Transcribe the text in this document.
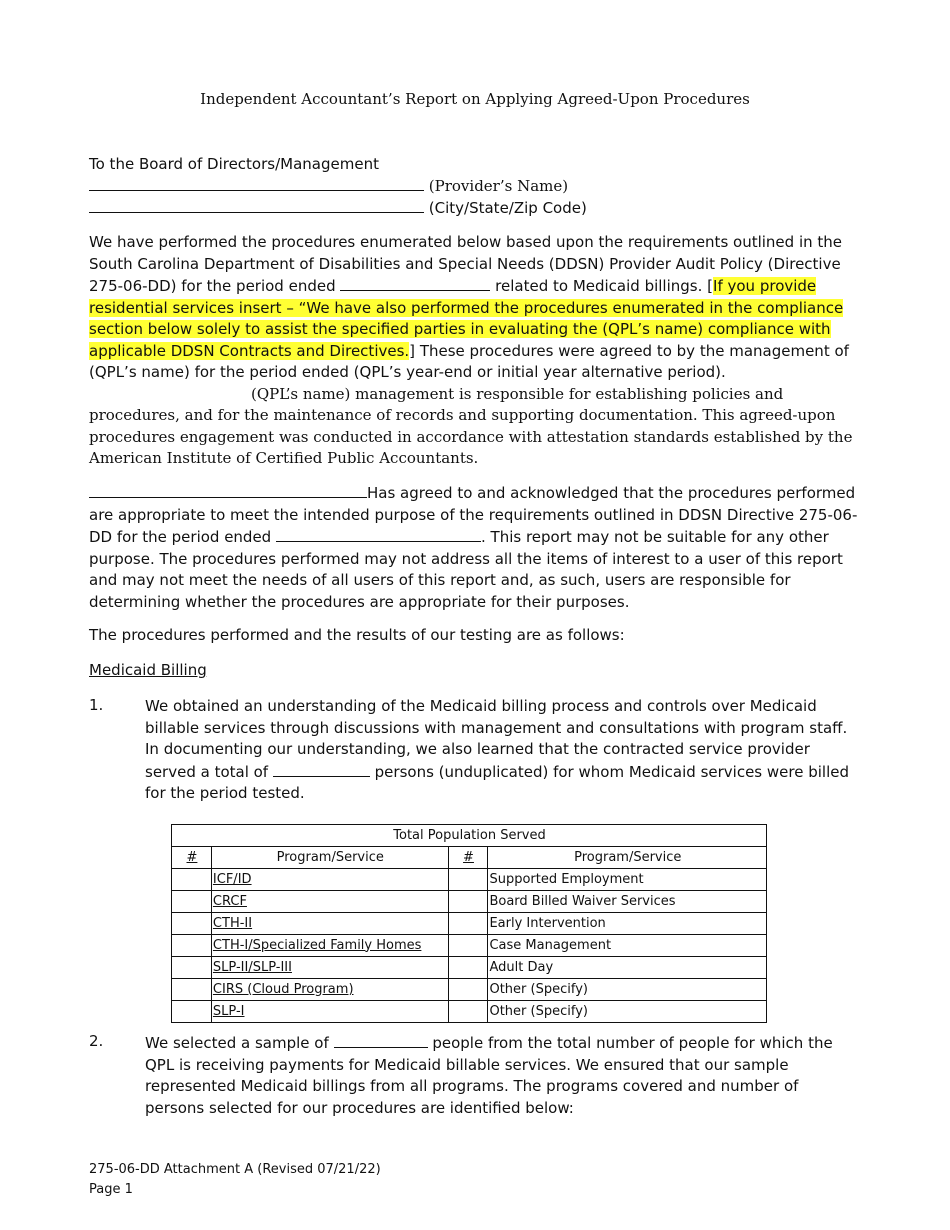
Independent Accountant’s Report on Applying Agreed-Upon Procedures
To the Board of Directors/Management
(Provider’s Name)
(City/State/Zip Code)

We have performed the procedures enumerated below based upon the requirements outlined in the South Carolina Department of Disabilities and Special Needs (DDSN) Provider Audit Policy (Directive 275-06-DD) for the period ended	related to Medicaid billings. [If you provide residential services insert – “We have also performed the procedures enumerated in the compliance section below solely to assist the specified parties in evaluating the (QPL’s name) compliance with applicable DDSN Contracts and Directives.] These procedures were agreed to by the management of (QPL’s name) for the period ended (QPL’s year-end or initial year alternative period). (QPL’s name) management is responsible for establishing policies and procedures, and for the maintenance of records and supporting documentation. This agreed-upon procedures engagement was conducted in accordance with attestation standards established by the American Institute of Certified Public Accountants.

Has agreed to and acknowledged that the procedures performed are appropriate to meet the intended purpose of the requirements outlined in DDSN Directive 275-06-DD for the period ended	. This report may not be suitable for any other purpose. The procedures performed may not address all the items of interest to a user of this report and may not meet the needs of all users of this report and, as such, users are responsible for determining whether the procedures are appropriate for their purposes.

The procedures performed and the results of our testing are as follows:
Medicaid Billing
1.	We obtained an understanding of the Medicaid billing process and controls over Medicaid billable services through discussions with management and consultations with program staff. In documenting our understanding, we also learned that the contracted service provider served a total of	persons (unduplicated) for whom Medicaid services were billed for the period tested.

Total Population Served			
#	Program/Service	#	Program/Service
	ICF/ID		Supported Employment
	CRCF		Board Billed Waiver Services
	CTH-II		Early Intervention
	CTH-I/Specialized Family Homes		Case Management
	SLP-II/SLP-III		Adult Day
	CIRS (Cloud Program)		Other (Specify)
	SLP-I		Other (Specify)
2.	We selected a sample of	people from the total number of people for which the QPL is receiving payments for Medicaid billable services. We ensured that our sample represented Medicaid billings from all programs. The programs covered and number of persons selected for our procedures are identified below:

275-06-DD Attachment A (Revised 07/21/22)
Page 1
